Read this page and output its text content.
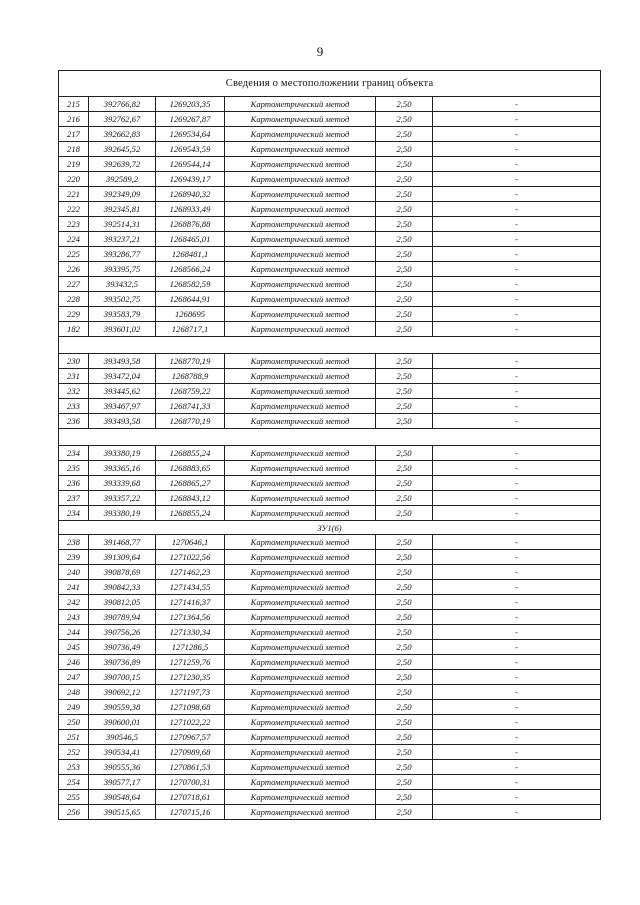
9
Сведения о местоположении границ объекта					
215	392766,82	1269203,35	Картометрический метод	2,50	-
216	392762,67	1269267,87	Картометрический метод	2,50	-
217	392662,83	1269534,64	Картометрический метод	2,50	-
218	392645,52	1269543,59	Картометрический метод	2,50	-
219	392639,72	1269544,14	Картометрический метод	2,50	-
220	392589,2	1269439,17	Картометрический метод	2,50	-
221	392349,09	1268940,32	Картометрический метод	2,50	-
222	392345,81	1268933,49	Картометрический метод	2,50	-
223	392514,31	1268876,88	Картометрический метод	2,50	-
224	393237,21	1268465,01	Картометрический метод	2,50	-
225	393286,77	1268481,1	Картометрический метод	2,50	-
226	393395,75	1268566,24	Картометрический метод	2,50	-
227	393432,5	1268582,59	Картометрический метод	2,50	-
228	393502,75	1268644,91	Картометрический метод	2,50	-
229	393583,79	1268695	Картометрический метод	2,50	-
182	393601,02	1268717,1	Картометрический метод	2,50	-

230	393493,58	1268770,19	Картометрический метод	2,50	-
231	393472,04	1268788,9	Картометрический метод	2,50	-
232	393445,62	1268759,22	Картометрический метод	2,50	-
233	393467,97	1268741,33	Картометрический метод	2,50	-
236	393493,58	1268770,19	Картометрический метод	2,50	-

234	393380,19	1268855,24	Картометрический метод	2,50	-
235	393365,16	1268883,65	Картометрический метод	2,50	-
236	393339,68	1268865,27	Картометрический метод	2,50	-
237	393357,22	1268843,12	Картометрический метод	2,50	-
234	393380,19	1268855,24	Картометрический метод	2,50	-
ЗУ1(6)					
238	391468,77	1270646,1	Картометрический метод	2,50	-
239	391309,64	1271022,56	Картометрический метод	2,50	-
240	390878,69	1271462,23	Картометрический метод	2,50	-
241	390842,33	1271434,55	Картометрический метод	2,50	-
242	390812,05	1271416,37	Картометрический метод	2,50	-
243	390789,94	1271364,56	Картометрический метод	2,50	-
244	390756,26	1271330,34	Картометрический метод	2,50	-
245	390736,49	1271286,5	Картометрический метод	2,50	-
246	390736,89	1271259,76	Картометрический метод	2,50	-
247	390700,15	1271230,35	Картометрический метод	2,50	-
248	390692,12	1271197,73	Картометрический метод	2,50	-
249	390559,38	1271098,68	Картометрический метод	2,50	-
250	390600,01	1271022,22	Картометрический метод	2,50	-
251	390546,5	1270967,57	Картометрический метод	2,50	-
252	390534,41	1270989,68	Картометрический метод	2,50	-
253	390555,36	1270861,53	Картометрический метод	2,50	-
254	390577,17	1270700,31	Картометрический метод	2,50	-
255	390548,64	1270718,61	Картометрический метод	2,50	-
256	390515,65	1270715,16	Картометрический метод	2,50	-
